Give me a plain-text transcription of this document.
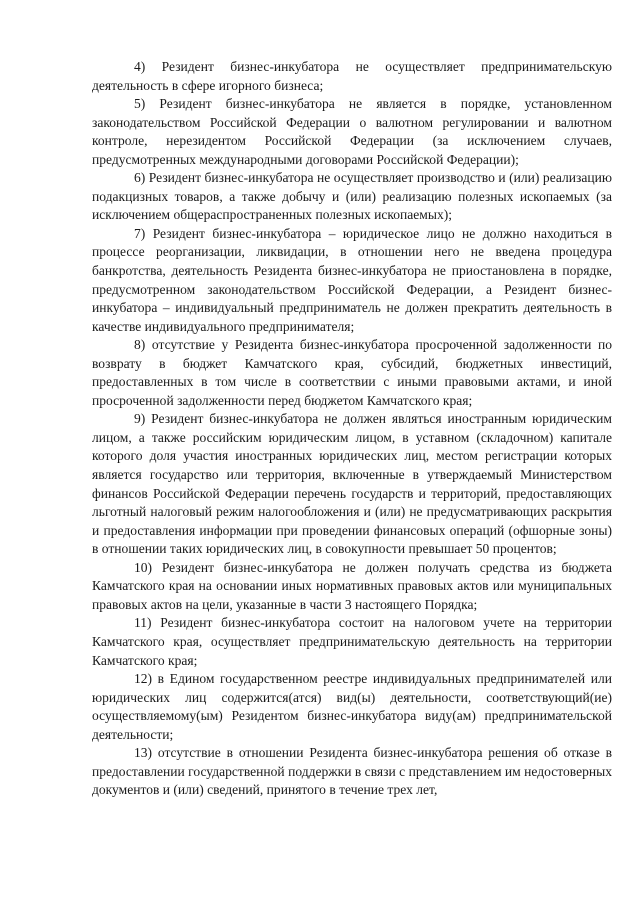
4) Резидент бизнес-инкубатора не осуществляет предпринимательскую деятельность в сфере игорного бизнеса;

5) Резидент бизнес-инкубатора не является в порядке, установленном законодательством Российской Федерации о валютном регулировании и валютном контроле, нерезидентом Российской Федерации (за исключением случаев, предусмотренных международными договорами Российской Федерации);

6) Резидент бизнес-инкубатора не осуществляет производство и (или) реализацию подакцизных товаров, а также добычу и (или) реализацию полезных ископаемых (за исключением общераспространенных полезных ископаемых);

7) Резидент бизнес-инкубатора – юридическое лицо не должно находиться в процессе реорганизации, ликвидации, в отношении него не введена процедура банкротства, деятельность Резидента бизнес-инкубатора не приостановлена в порядке, предусмотренном законодательством Российской Федерации, а Резидент бизнес-инкубатора – индивидуальный предприниматель не должен прекратить деятельность в качестве индивидуального предпринимателя;

8) отсутствие у Резидента бизнес-инкубатора просроченной задолженности по возврату в бюджет Камчатского края, субсидий, бюджетных инвестиций, предоставленных в том числе в соответствии с иными правовыми актами, и иной просроченной задолженности перед бюджетом Камчатского края;

9) Резидент бизнес-инкубатора не должен являться иностранным юридическим лицом, а также российским юридическим лицом, в уставном (складочном) капитале которого доля участия иностранных юридических лиц, местом регистрации которых является государство или территория, включенные в утверждаемый Министерством финансов Российской Федерации перечень государств и территорий, предоставляющих льготный налоговый режим налогообложения и (или) не предусматривающих раскрытия и предоставления информации при проведении финансовых операций (офшорные зоны) в отношении таких юридических лиц, в совокупности превышает 50 процентов;

10) Резидент бизнес-инкубатора не должен получать средства из бюджета Камчатского края на основании иных нормативных правовых актов или муниципальных правовых актов на цели, указанные в части 3 настоящего Порядка;

11) Резидент бизнес-инкубатора состоит на налоговом учете на территории Камчатского края, осуществляет предпринимательскую деятельность на территории Камчатского края;

12) в Едином государственном реестре индивидуальных предпринимателей или юридических лиц содержится(атся) вид(ы) деятельности, соответствующий(ие) осуществляемому(ым) Резидентом бизнес-инкубатора виду(ам) предпринимательской деятельности;

13) отсутствие в отношении Резидента бизнес-инкубатора решения об отказе в предоставлении государственной поддержки в связи с представлением им недостоверных документов и (или) сведений, принятого в течение трех лет,
